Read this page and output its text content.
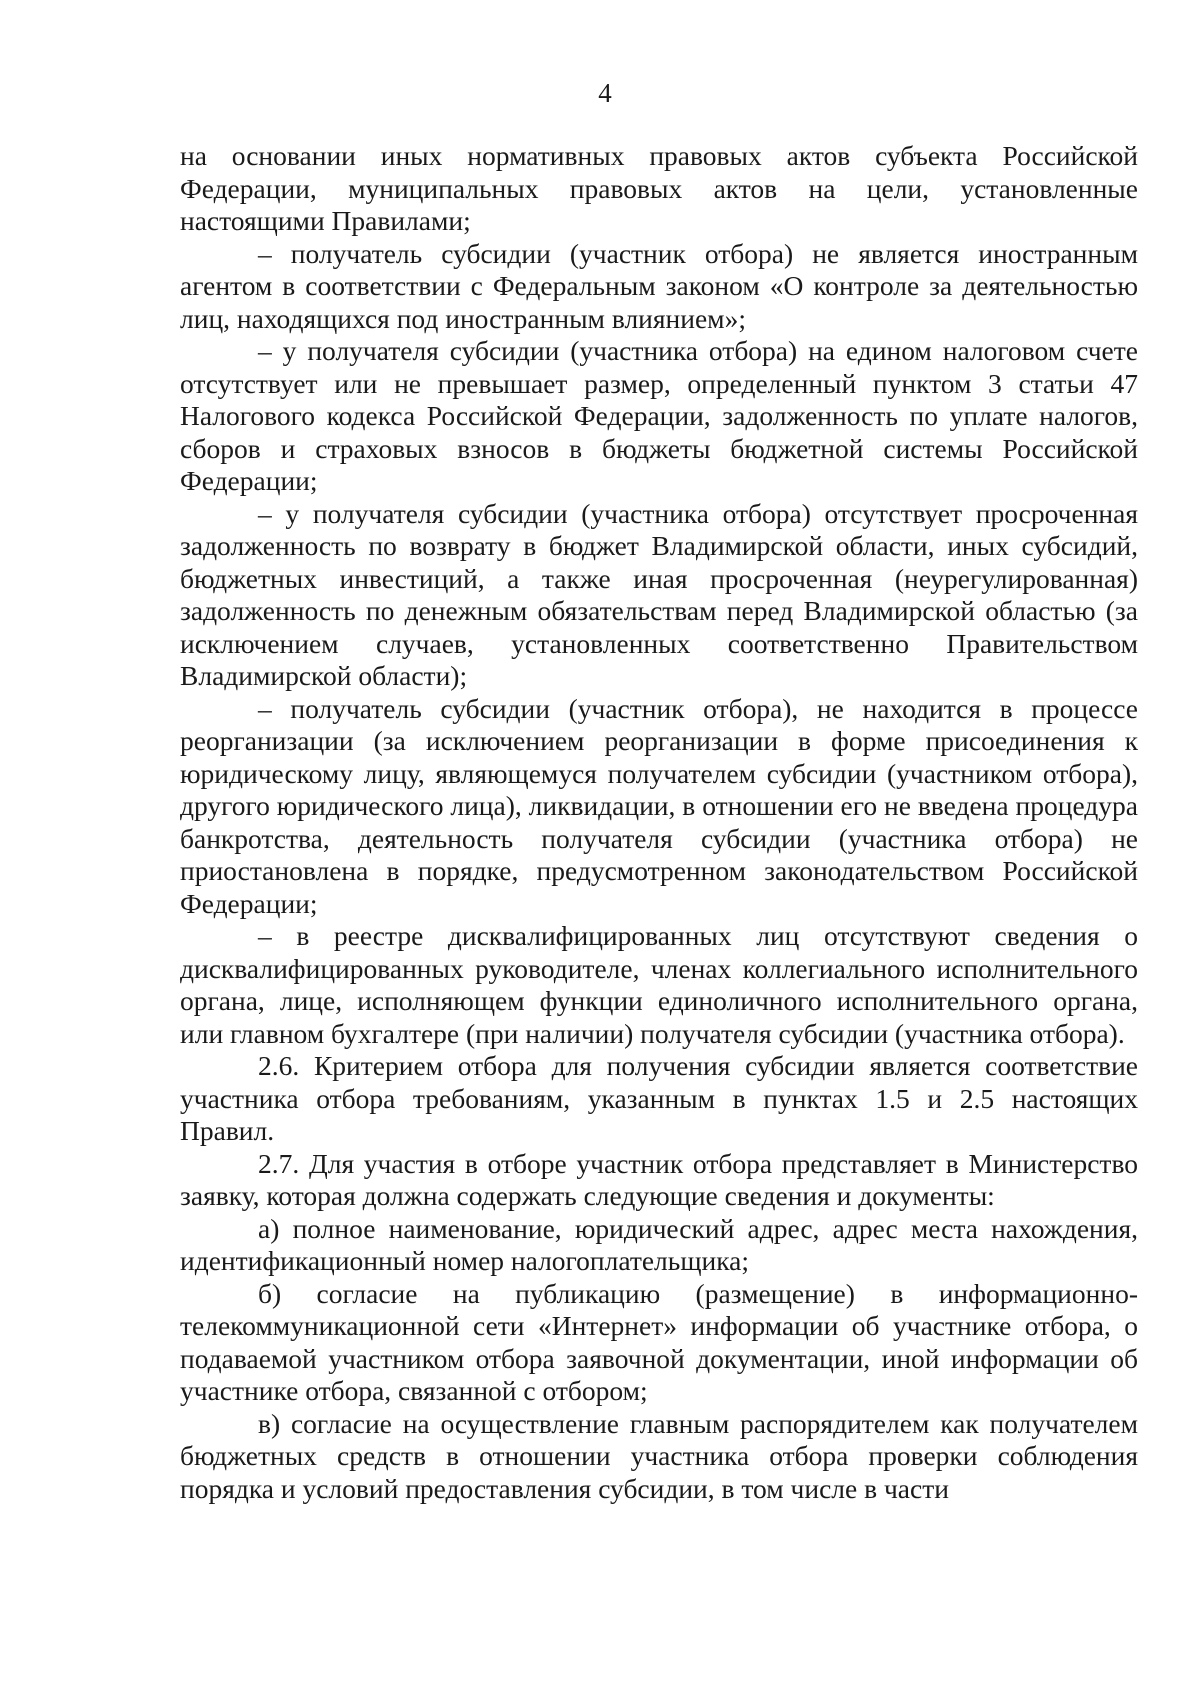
4

на основании иных нормативных правовых актов субъекта Российской Федерации, муниципальных правовых актов на цели, установленные настоящими Правилами;

– получатель субсидии (участник отбора) не является иностранным агентом в соответствии с Федеральным законом «О контроле за деятельностью лиц, находящихся под иностранным влиянием»;

– у получателя субсидии (участника отбора) на едином налоговом счете отсутствует или не превышает размер, определенный пунктом 3 статьи 47 Налогового кодекса Российской Федерации, задолженность по уплате налогов, сборов и страховых взносов в бюджеты бюджетной системы Российской Федерации;

– у получателя субсидии (участника отбора) отсутствует просроченная задолженность по возврату в бюджет Владимирской области, иных субсидий, бюджетных инвестиций, а также иная просроченная (неурегулированная) задолженность по денежным обязательствам перед Владимирской областью (за исключением случаев, установленных соответственно Правительством Владимирской области);

– получатель субсидии (участник отбора), не находится в процессе реорганизации (за исключением реорганизации в форме присоединения к юридическому лицу, являющемуся получателем субсидии (участником отбора), другого юридического лица), ликвидации, в отношении его не введена процедура банкротства, деятельность получателя субсидии (участника отбора) не приостановлена в порядке, предусмотренном законодательством Российской Федерации;

– в реестре дисквалифицированных лиц отсутствуют сведения о дисквалифицированных руководителе, членах коллегиального исполнительного органа, лице, исполняющем функции единоличного исполнительного органа, или главном бухгалтере (при наличии) получателя субсидии (участника отбора).

2.6. Критерием отбора для получения субсидии является соответствие участника отбора требованиям, указанным в пунктах 1.5 и 2.5 настоящих Правил.

2.7. Для участия в отборе участник отбора представляет в Министерство заявку, которая должна содержать следующие сведения и документы:

а) полное наименование, юридический адрес, адрес места нахождения, идентификационный номер налогоплательщика;

б) согласие на публикацию (размещение) в информационно-телекоммуникационной сети «Интернет» информации об участнике отбора, о подаваемой участником отбора заявочной документации, иной информации об участнике отбора, связанной с отбором;

в) согласие на осуществление главным распорядителем как получателем бюджетных средств в отношении участника отбора проверки соблюдения порядка и условий предоставления субсидии, в том числе в части
